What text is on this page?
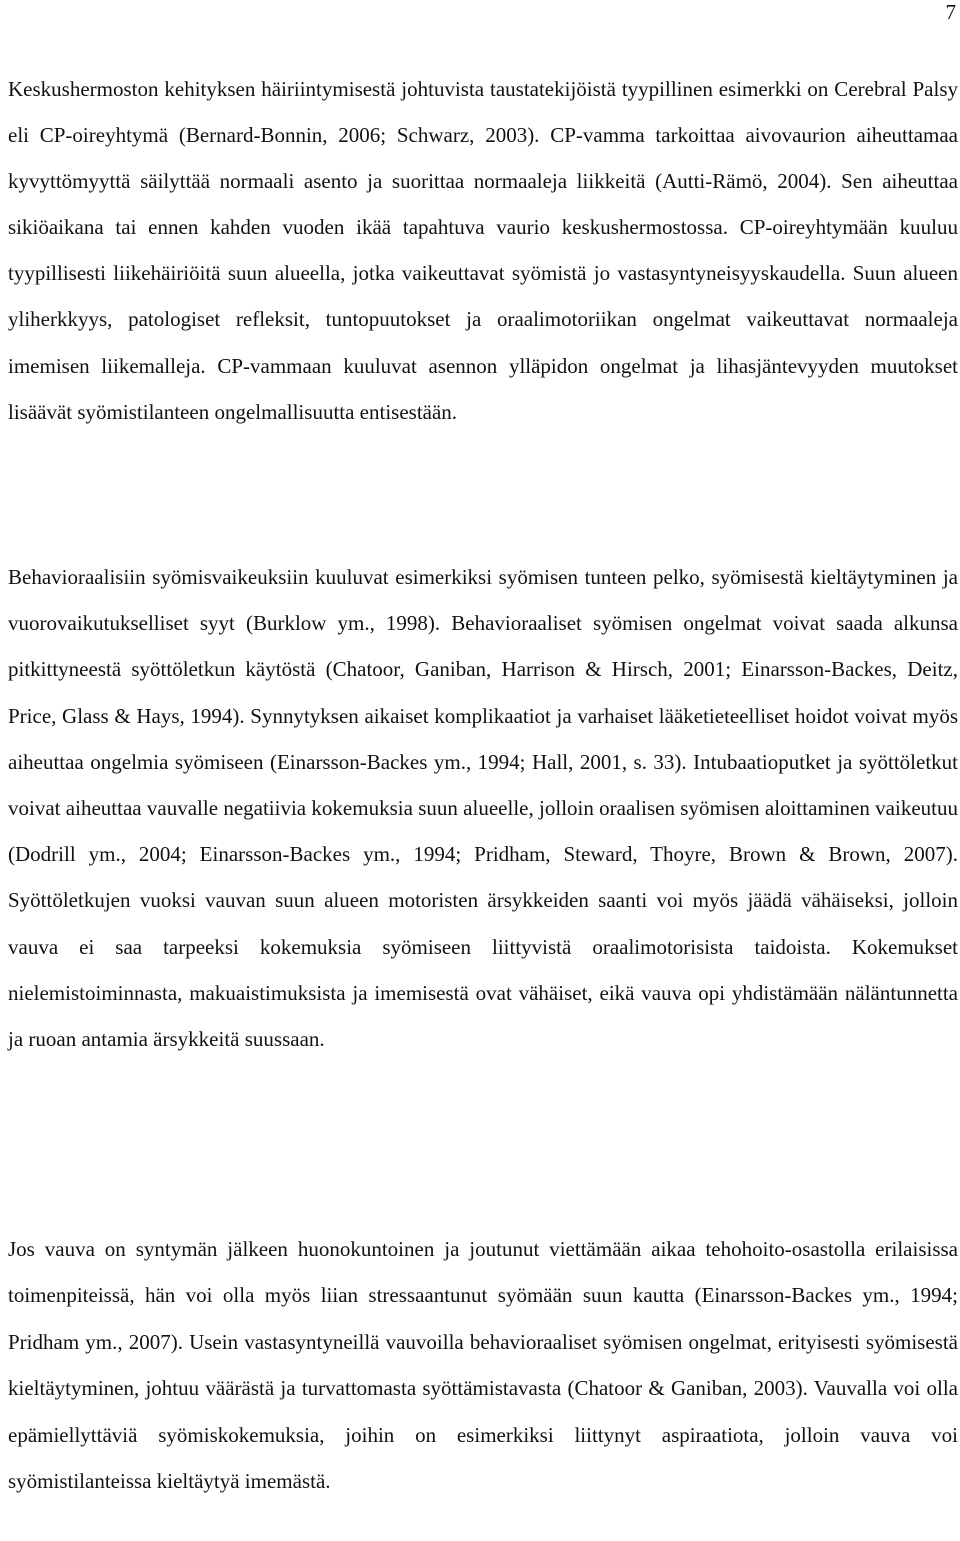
7

Keskushermoston kehityksen häiriintymisestä johtuvista taustatekijöistä tyypillinen esimerkki on Cerebral Palsy eli CP-oireyhtymä (Bernard-Bonnin, 2006; Schwarz, 2003). CP-vamma tarkoittaa aivovaurion aiheuttamaa kyvyttömyyttä säilyttää normaali asento ja suorittaa normaaleja liikkeitä (Autti-Rämö, 2004). Sen aiheuttaa sikiöaikana tai ennen kahden vuoden ikää tapahtuva vaurio keskushermostossa. CP-oireyhtymään kuuluu tyypillisesti liikehäiriöitä suun alueella, jotka vaikeuttavat syömistä jo vastasyntyneisyyskaudella. Suun alueen yliherkkyys, patologiset refleksit, tuntopuutokset ja oraalimotoriikan ongelmat vaikeuttavat normaaleja imemisen liikemalleja. CP-vammaan kuuluvat asennon ylläpidon ongelmat ja lihasjäntevyyden muutokset lisäävät syömistilanteen ongelmallisuutta entisestään.

Behavioraalisiin syömisvaikeuksiin kuuluvat esimerkiksi syömisen tunteen pelko, syömisestä kieltäytyminen ja vuorovaikutukselliset syyt (Burklow ym., 1998). Behavioraaliset syömisen ongelmat voivat saada alkunsa pitkittyneestä syöttöletkun käytöstä (Chatoor, Ganiban, Harrison & Hirsch, 2001; Einarsson-Backes, Deitz, Price, Glass & Hays, 1994). Synnytyksen aikaiset komplikaatiot ja varhaiset lääketieteelliset hoidot voivat myös aiheuttaa ongelmia syömiseen (Einarsson-Backes ym., 1994; Hall, 2001, s. 33). Intubaatioputket ja syöttöletkut voivat aiheuttaa vauvalle negatiivia kokemuksia suun alueelle, jolloin oraalisen syömisen aloittaminen vaikeutuu (Dodrill ym., 2004; Einarsson-Backes ym., 1994; Pridham, Steward, Thoyre, Brown & Brown, 2007). Syöttöletkujen vuoksi vauvan suun alueen motoristen ärsykkeiden saanti voi myös jäädä vähäiseksi, jolloin vauva ei saa tarpeeksi kokemuksia syömiseen liittyvistä oraalimotorisista taidoista. Kokemukset nielemistoiminnasta, makuaistimuksista ja imemisestä ovat vähäiset, eikä vauva opi yhdistämään näläntunnetta ja ruoan antamia ärsykkeitä suussaan.

Jos vauva on syntymän jälkeen huonokuntoinen ja joutunut viettämään aikaa tehohoito-osastolla erilaisissa toimenpiteissä, hän voi olla myös liian stressaantunut syömään suun kautta (Einarsson-Backes ym., 1994; Pridham ym., 2007). Usein vastasyntyneillä vauvoilla behavioraaliset syömisen ongelmat, erityisesti syömisestä kieltäytyminen, johtuu väärästä ja turvattomasta syöttämistavasta (Chatoor & Ganiban, 2003). Vauvalla voi olla epämiellyttäviä syömiskokemuksia, joihin on esimerkiksi liittynyt aspiraatiota, jolloin vauva voi syömistilanteissa kieltäytyä imemästä.
